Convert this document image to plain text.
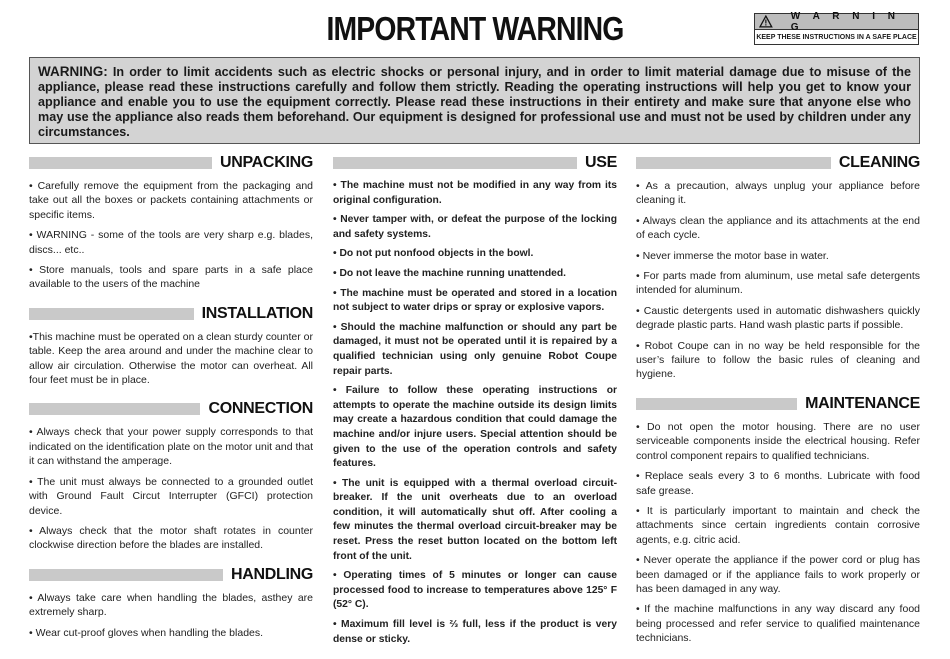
IMPORTANT WARNING	W A R N I N G
KEEP THESE INSTRUCTIONS IN A SAFE PLACE
WARNING: In order to limit accidents such as electric shocks or personal injury, and in order to limit material damage due to misuse of the appliance, please read these instructions carefully and follow them strictly. Reading the operating instructions will help you get to know your appliance and enable you to use the equipment correctly. Please read these instructions in their entirety and make sure that anyone else who may use the appliance also reads them beforehand. Our equipment is designed for professional use and must not be used by children under any circumstances.
UNPACKING

• Carefully remove the equipment from the packaging and take out all the boxes or packets containing attachments or specific items.

• WARNING - some of the tools are very sharp e.g. blades, discs... etc..

• Store manuals, tools and spare parts in a safe place available to the users of the machine

INSTALLATION

•This machine must be operated on a clean sturdy counter or table. Keep the area around and under the machine clear to allow air circulation. Otherwise the motor can overheat. All four feet must be in place.

CONNECTION

• Always check that your power supply corresponds to that indicated on the identification plate on the motor unit and that it can withstand the amperage.

• The unit must always be connected to a grounded outlet with Ground Fault Circut Interrupter (GFCI) protection device.

• Always check that the motor shaft rotates in counter clockwise direction before the blades are installed.

HANDLING

• Always take care when handling the blades, asthey are extremely sharp.

• Wear cut-proof gloves when handling the blades.

USE

• The machine must not be modified in any way from its original configuration.

• Never tamper with, or defeat the purpose of the locking and safety systems.

• Do not put nonfood objects in the bowl.

• Do not leave the machine running unattended.

• The machine must be operated and stored in a location not subject to water drips or spray or explosive vapors.

• Should the machine malfunction or should any part be damaged, it must not be operated until it is repaired by a qualified technician using only genuine Robot Coupe repair parts.

• Failure to follow these operating instructions or attempts to operate the machine outside its design limits may create a hazardous condition that could damage the machine and/or injure users. Special attention should be given to the use of the operation controls and safety features.

• The unit is equipped with a thermal overload circuit-breaker. If the unit overheats due to an overload condition, it will automatically shut off. After cooling a few minutes the thermal overload circuit-breaker may be reset. Press the reset button located on the bottom left front of the unit.

• Operating times of 5 minutes or longer can cause processed food to increase to temperatures above 125° F (52° C).

• Maximum fill level is ⅔ full, less if the product is very dense or sticky.

CLEANING

• As a precaution, always unplug your appliance before cleaning it.

• Always clean the appliance and its attachments at the end of each cycle.

• Never immerse the motor base in water.

• For parts made from aluminum, use metal safe detergents intended for aluminum.

• Caustic detergents used in automatic dishwashers quickly degrade plastic parts. Hand wash plastic parts if possible.

• Robot Coupe can in no way be held responsible for the user’s failure to follow the basic rules of cleaning and hygiene.

MAINTENANCE

• Do not open the motor housing. There are no user serviceable components inside the electrical housing. Refer control component repairs to qualified technicians.

• Replace seals every 3 to 6 months. Lubricate with food safe grease.

• It is particularly important to maintain and check the attachments since certain ingredients contain corrosive agents, e.g. citric acid.

• Never operate the appliance if the power cord or plug has been damaged or if the appliance fails to work properly or has been damaged in any way.

• If the machine malfunctions in any way discard any food being processed and refer service to qualified maintenance technicians.
